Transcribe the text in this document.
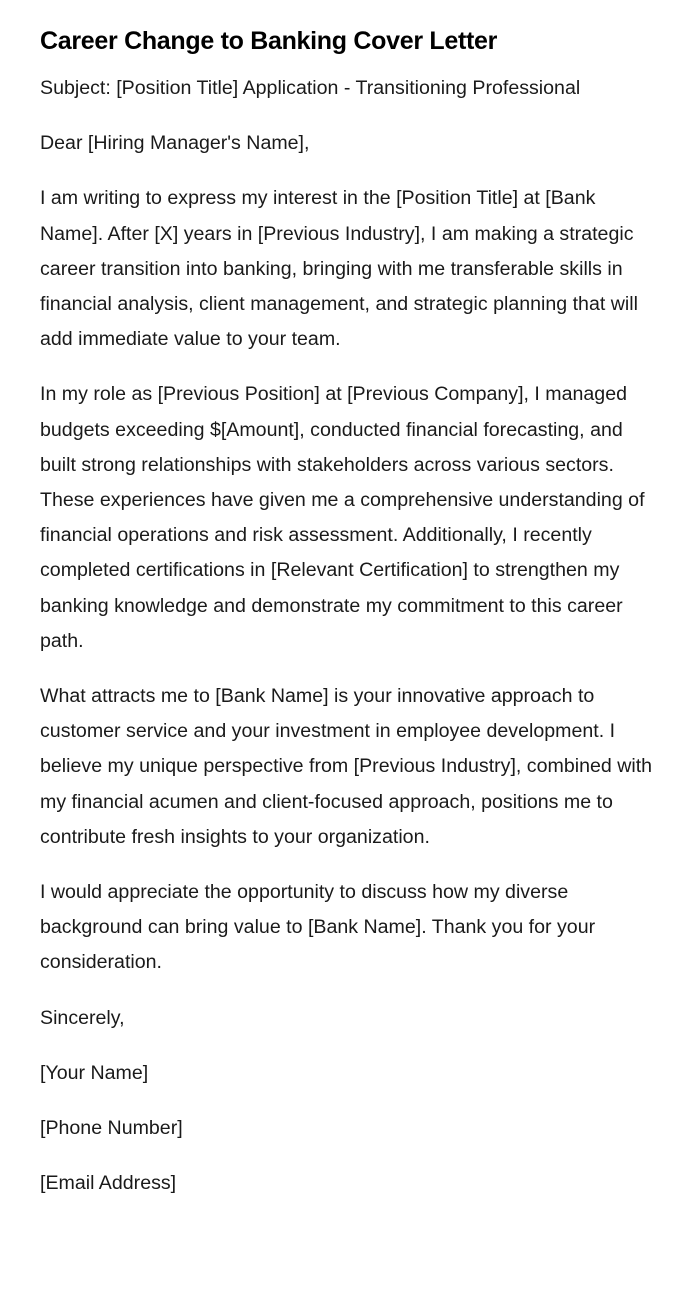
Career Change to Banking Cover Letter

Subject: [Position Title] Application - Transitioning Professional

Dear [Hiring Manager's Name],

I am writing to express my interest in the [Position Title] at [Bank Name]. After [X] years in [Previous Industry], I am making a strategic career transition into banking, bringing with me transferable skills in financial analysis, client management, and strategic planning that will add immediate value to your team.

In my role as [Previous Position] at [Previous Company], I managed budgets exceeding $[Amount], conducted financial forecasting, and built strong relationships with stakeholders across various sectors. These experiences have given me a comprehensive understanding of financial operations and risk assessment. Additionally, I recently completed certifications in [Relevant Certification] to strengthen my banking knowledge and demonstrate my commitment to this career path.

What attracts me to [Bank Name] is your innovative approach to customer service and your investment in employee development. I believe my unique perspective from [Previous Industry], combined with my financial acumen and client-focused approach, positions me to contribute fresh insights to your organization.

I would appreciate the opportunity to discuss how my diverse background can bring value to [Bank Name]. Thank you for your consideration.

Sincerely,

[Your Name]

[Phone Number]

[Email Address]
